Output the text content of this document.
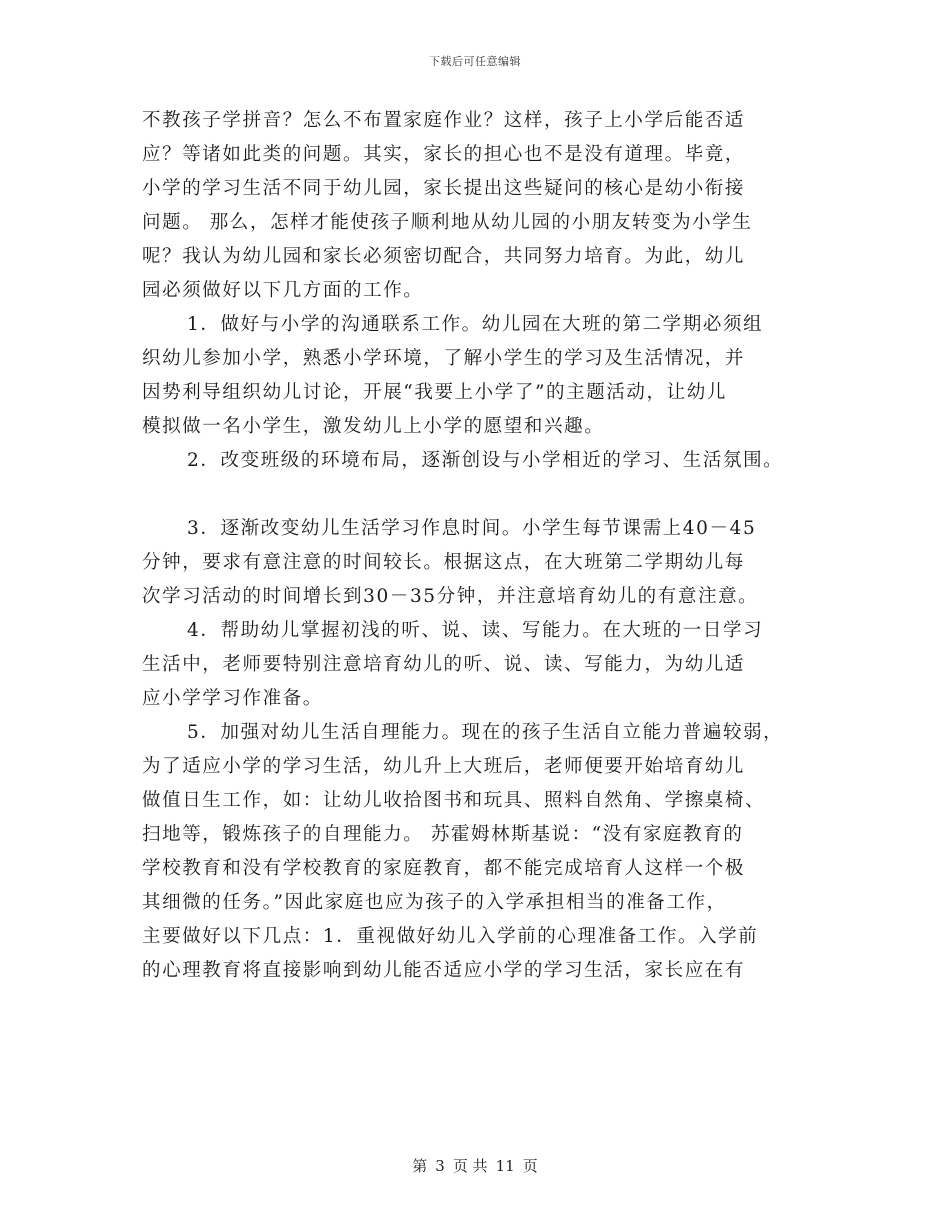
下载后可任意编辑
不教孩子学拼音？怎么不布置家庭作业？这样，孩子上小学后能否适
应？等诸如此类的问题。其实，家长的担心也不是没有道理。毕竟，
小学的学习生活不同于幼儿园，家长提出这些疑问的核心是幼小衔接
问题。 那么，怎样才能使孩子顺利地从幼儿园的小朋友转变为小学生
呢？我认为幼儿园和家长必须密切配合，共同努力培育。为此，幼儿
园必须做好以下几方面的工作。
1．做好与小学的沟通联系工作。幼儿园在大班的第二学期必须组
织幼儿参加小学，熟悉小学环境，了解小学生的学习及生活情况，并
因势利导组织幼儿讨论，开展“我要上小学了”的主题活动，让幼儿
模拟做一名小学生，激发幼儿上小学的愿望和兴趣。
2．改变班级的环境布局，逐渐创设与小学相近的学习、生活氛围。
3．逐渐改变幼儿生活学习作息时间。小学生每节课需上40－45
分钟，要求有意注意的时间较长。根据这点，在大班第二学期幼儿每
次学习活动的时间增长到30－35分钟，并注意培育幼儿的有意注意。
4．帮助幼儿掌握初浅的听、说、读、写能力。在大班的一日学习
生活中，老师要特别注意培育幼儿的听、说、读、写能力，为幼儿适
应小学学习作准备。
5．加强对幼儿生活自理能力。现在的孩子生活自立能力普遍较弱，
为了适应小学的学习生活，幼儿升上大班后，老师便要开始培育幼儿
做值日生工作，如：让幼儿收拾图书和玩具、照料自然角、学擦桌椅、
扫地等，锻炼孩子的自理能力。 苏霍姆林斯基说：“没有家庭教育的
学校教育和没有学校教育的家庭教育，都不能完成培育人这样一个极
其细微的任务。”因此家庭也应为孩子的入学承担相当的准备工作，
主要做好以下几点：1．重视做好幼儿入学前的心理准备工作。入学前
的心理教育将直接影响到幼儿能否适应小学的学习生活，家长应在有
第 3 页 共 11 页
